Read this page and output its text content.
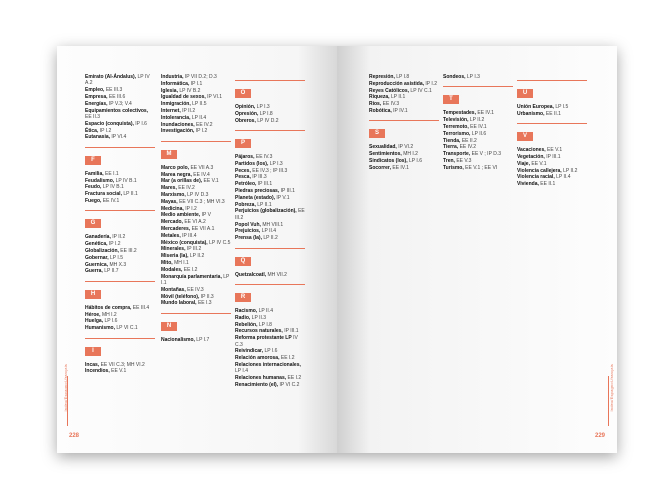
Emirato (Al-Ándalus), LP IV A.2
Empleo, EE III.3
Empresa, EE III.6
Energías, IP V.3; V.4
Equipamientos colectivos, EE II.3
Espacio (conquista), IP I.6
Ética, IP I.2
Eutanasia, IP VI.4
F
Familia, EE I.1
Feudalismo, LP IV B.1
Feudo, LP IV B.1
Fractura social, LP II.1
Fuego, EE IV.1
G
Ganadería, IP II.2
Genética, IP I.2
Globalización, EE III.2
Gobernar, LP I.5
Guernica, MH X.3
Guerra, LP II.7
H
Hábitos de compra, EE III.4
Héroe, MH I.2
Huelga, LP I.6
Humanismo, LP VI C.1
I
Incas, EE VII C.3; MH VI.2
Incendios, EE V.1
Industria, IP VII D.2; D.3
Informática, IP I.1
Iglesia, LP IV B.2
Igualdad de sexos, IP VI.1
Inmigración, LP II.5
Internet, IP II.2
Intolerancia, LP II.4
Inundaciones, EE IV.2
Investigación, IP I.2
M
Marco polo, EE VII A.3
Marea negra, EE IV.4
Mar (a orillas de), EE V.1
Mares, EE IV.2
Marxismo, LP IV D.3
Mayas, EE VII C.3 ; MH VI.3
Medicina, IP I.2
Medio ambiente, IP V
Mercado, EE VI A.2
Mercaderes, EE VII A.1
Metales, IP III.4
México (conquista), LP IV C.5
Minerales, IP III.2
Miseria (la), LP II.2
Mito, MH I.1
Modales, EE I.2
Monarquía parlamentaria, LP I.1
Montañas, EE IV.3
Móvil (teléfono), IP II.3
Mundo laboral, EE I.3
N
Nacionalismo, LP I.7
O
Opinión, LP I.3
Opresión, LP I.8
Obreros, LP IV D.2
P
Pájaros, EE IV.3
Partidos (los), LP I.3
Peces, EE IV.3 ; IP III.3
Pesca, IP III.3
Petróleo, IP III.1
Piedras preciosas, IP III.1
Planeta (estado), IP V.1
Pobreza, LP II.1
Perjuicios (globalización), EE III.2
Popol Vuh, MH VIII.1
Prejuicios, LP II.4
Prensa (la), LP II.2
Q
Quetzalcoatl, MH VII.2
R
Racismo, LP II.4
Radio, LP II.3
Rebelión, LP I.8
Recursos naturales, IP III.1
Reforma protestante LP IV C.3
Reivindicar, LP I.6
Relación amorosa, EE I.2
Relaciones internacionales, LP I.4
Relaciones humanas, EE I.2
Renacimiento (el), IP VI C.2
Index/Espagnol-français
228
Represión, LP I.8
Reproducción asistida, IP I.2
Reyes Católicos, LP IV C.1
Riqueza, LP II.1
Ríos, EE IV.3
Robótica, IP IV.1
S
Sexualidad, IP VI.2
Sentimientos, MH I.2
Sindicatos (los), LP I.6
Socorrer, EE IV.1
Sondeos, LP I.3
T
Tempestades, EE IV.1
Televisión, LP II.2
Terremoto, EE IV.1
Terrorismo, LP II.6
Tienda, EE II.2
Tierra, EE IV.2
Transporte, EE V ; IP D.3
Tren, EE V.3
Turismo, EE V.1 ; EE VI
U
Unión Europea, LP I.5
Urbanismo, EE II.1
V
Vacaciones, EE V.1
Vegetación, IP III.1
Viaje, EE V.1
Violencia callejera, LP II.2
Violencia racial, LP II.4
Vivienda, EE II.1
Index/Espagnol-français
229
